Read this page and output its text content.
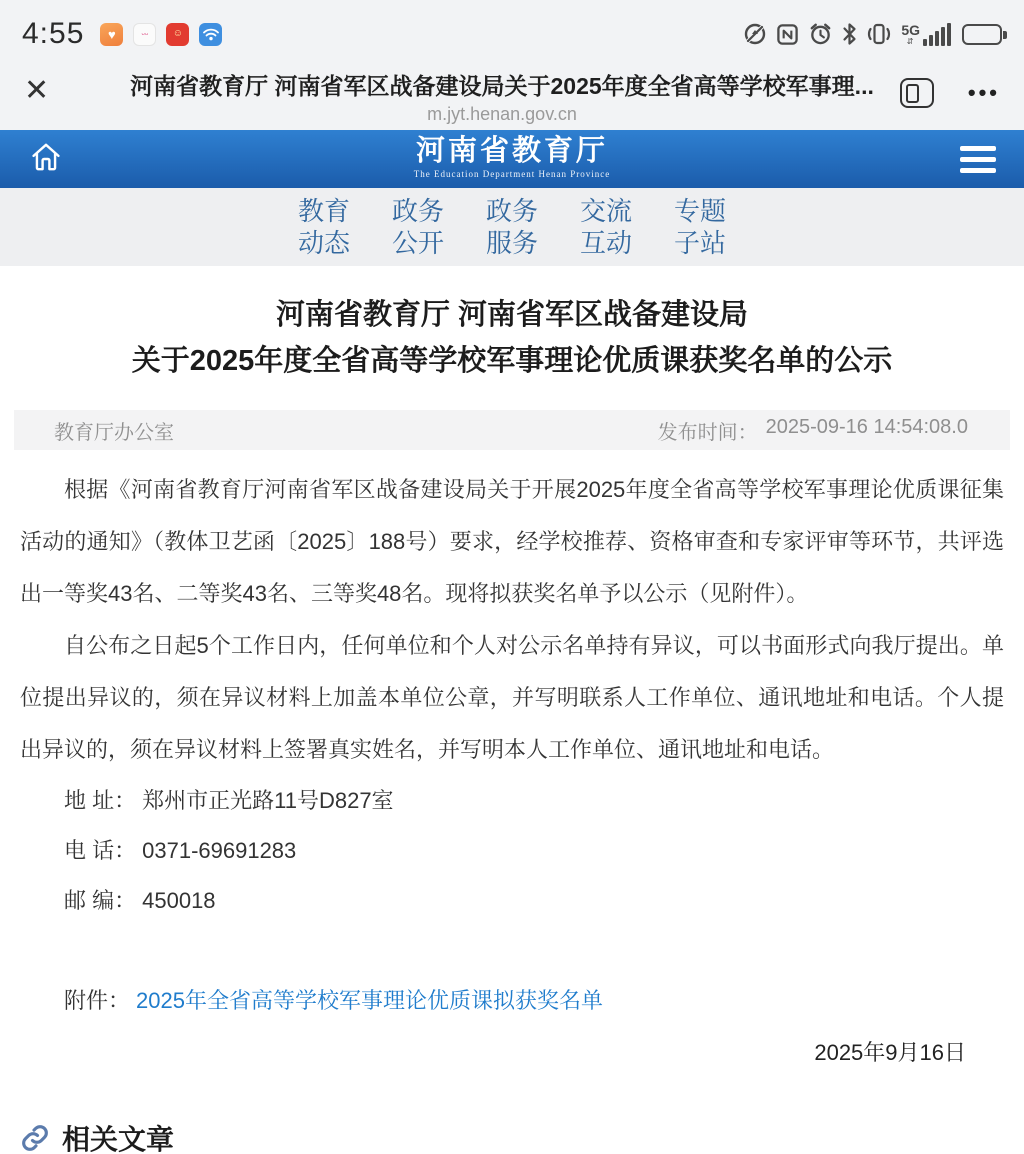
4:55	♥	ᵕᵕ	☺	5G
⇵
✕	河南省教育厅 河南省军区战备建设局关于2025年度全省高等学校军事理...
m.jyt.henan.gov.cn
•••
河南省教育厅
The Education Department Henan Province
教育
动态
政务
公开
政务
服务
交流
互动
专题
子站
河南省教育厅 河南省军区战备建设局
关于2025年度全省高等学校军事理论优质课获奖名单的公示
教育厅办公室	发布时间： 2025-09-16 14:54:08.0

根据《河南省教育厅河南省军区战备建设局关于开展2025年度全省高等学校军事理论优质课征集活动的通知》（教体卫艺函〔2025〕188号）要求，经学校推荐、资格审查和专家评审等环节，共评选出一等奖43名、二等奖43名、三等奖48名。现将拟获奖名单予以公示（见附件）。

自公布之日起5个工作日内，任何单位和个人对公示名单持有异议，可以书面形式向我厅提出。单位提出异议的，须在异议材料上加盖本单位公章，并写明联系人工作单位、通讯地址和电话。个人提出异议的，须在异议材料上签署真实姓名，并写明本人工作单位、通讯地址和电话。

地 址： 郑州市正光路11号D827室
电 话： 0371-69691283
邮 编： 450018
附件： 2025年全省高等学校军事理论优质课拟获奖名单
2025年9月16日
相关文章
